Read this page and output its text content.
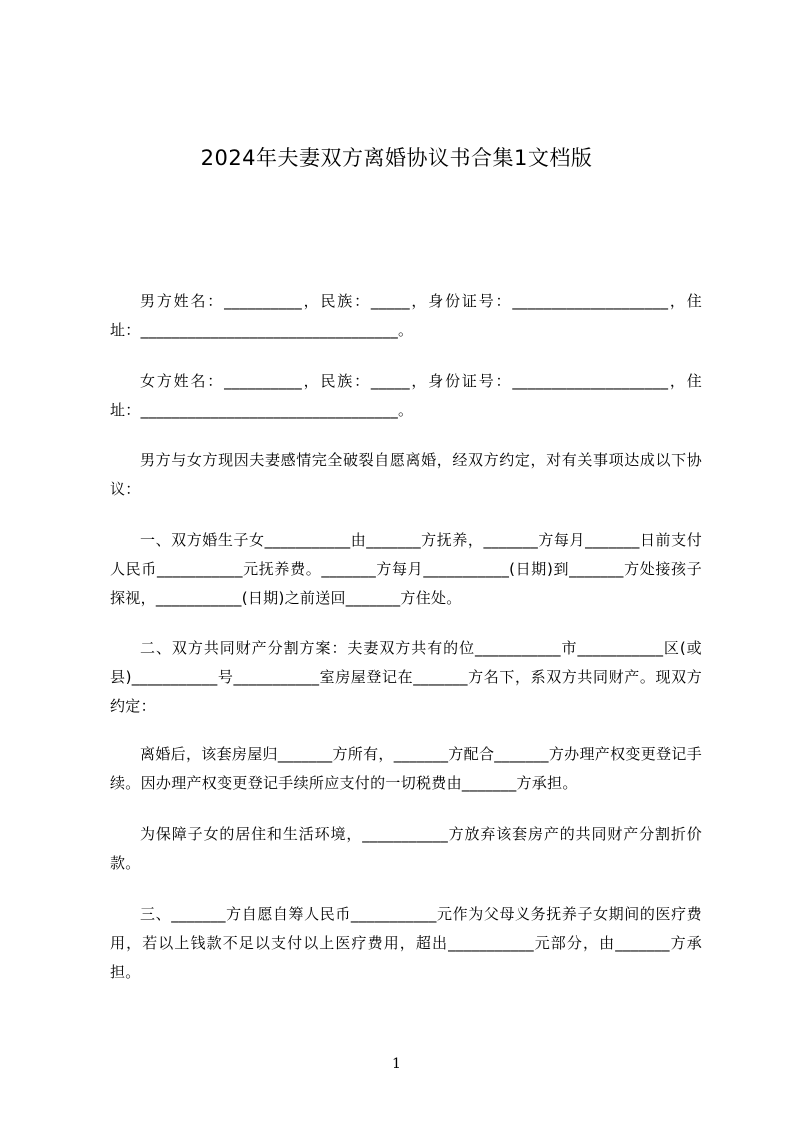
2024年夫妻双方离婚协议书合集1文档版

男方姓名：__________，民族：_____，身份证号：____________________，住址：_________________________________。

女方姓名：__________，民族：_____，身份证号：____________________，住址：_________________________________。

男方与女方现因夫妻感情完全破裂自愿离婚，经双方约定，对有关事项达成以下协议：

一、双方婚生子女___________由_______方抚养，_______方每月_______日前支付人民币___________元抚养费。_______方每月___________(日期)到_______方处接孩子探视，___________(日期)之前送回_______方住处。

二、双方共同财产分割方案：夫妻双方共有的位___________市___________区(或县)___________号___________室房屋登记在_______方名下，系双方共同财产。现双方约定：

离婚后，该套房屋归_______方所有，_______方配合_______方办理产权变更登记手续。因办理产权变更登记手续所应支付的一切税费由_______方承担。

为保障子女的居住和生活环境，___________方放弃该套房产的共同财产分割折价款。

三、_______方自愿自筹人民币___________元作为父母义务抚养子女期间的医疗费用，若以上钱款不足以支付以上医疗费用，超出___________元部分，由_______方承担。

1
